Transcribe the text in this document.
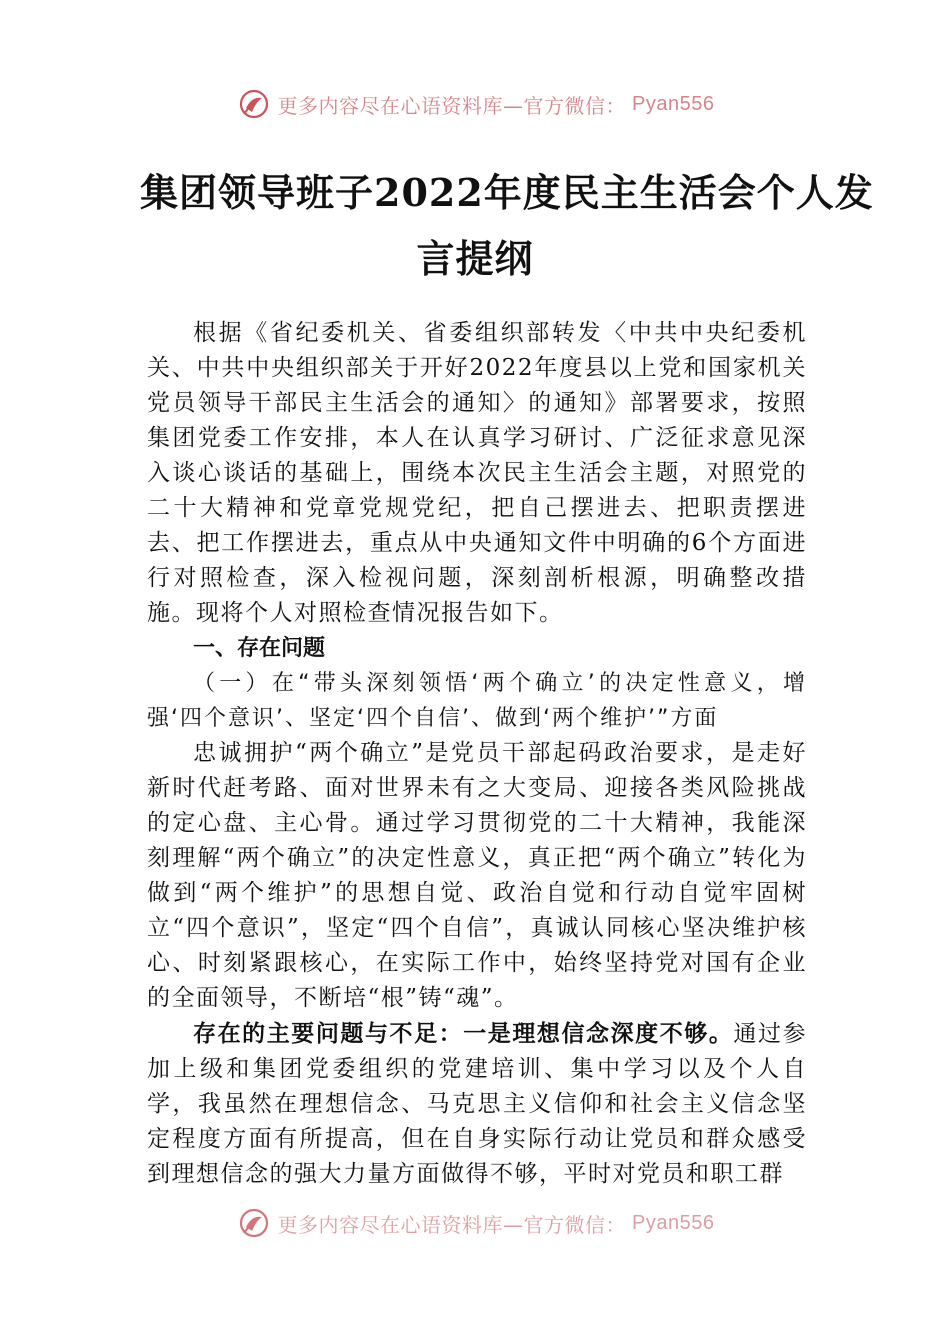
更多内容尽在心语资料库—官方微信： Pyan556
集团领导班子2022年度民主生活会个人发
言提纲

根据《省纪委机关、省委组织部转发〈中共中央纪委机关、中共中央组织部关于开好2022年度县以上党和国家机关党员领导干部民主生活会的通知〉的通知》部署要求，按照集团党委工作安排，本人在认真学习研讨、广泛征求意见深入谈心谈话的基础上，围绕本次民主生活会主题，对照党的二十大精神和党章党规党纪，把自己摆进去、把职责摆进去、把工作摆进去，重点从中央通知文件中明确的6个方面进行对照检查，深入检视问题，深刻剖析根源，明确整改措施。现将个人对照检查情况报告如下。

一、存在问题

（一）在“带头深刻领悟‘两个确立’的决定性意义，增强‘四个意识’、坚定‘四个自信’、做到‘两个维护’”方面

忠诚拥护“两个确立”是党员干部起码政治要求，是走好新时代赶考路、面对世界未有之大变局、迎接各类风险挑战的定心盘、主心骨。通过学习贯彻党的二十大精神，我能深刻理解“两个确立”的决定性意义，真正把“两个确立”转化为做到“两个维护”的思想自觉、政治自觉和行动自觉牢固树立“四个意识”，坚定“四个自信”，真诚认同核心坚决维护核心、时刻紧跟核心，在实际工作中，始终坚持党对国有企业的全面领导，不断培“根”铸“魂”。

存在的主要问题与不足：一是理想信念深度不够。通过参加上级和集团党委组织的党建培训、集中学习以及个人自学，我虽然在理想信念、马克思主义信仰和社会主义信念坚定程度方面有所提高，但在自身实际行动让党员和群众感受到理想信念的强大力量方面做得不够，平时对党员和职工群

更多内容尽在心语资料库—官方微信： Pyan556
